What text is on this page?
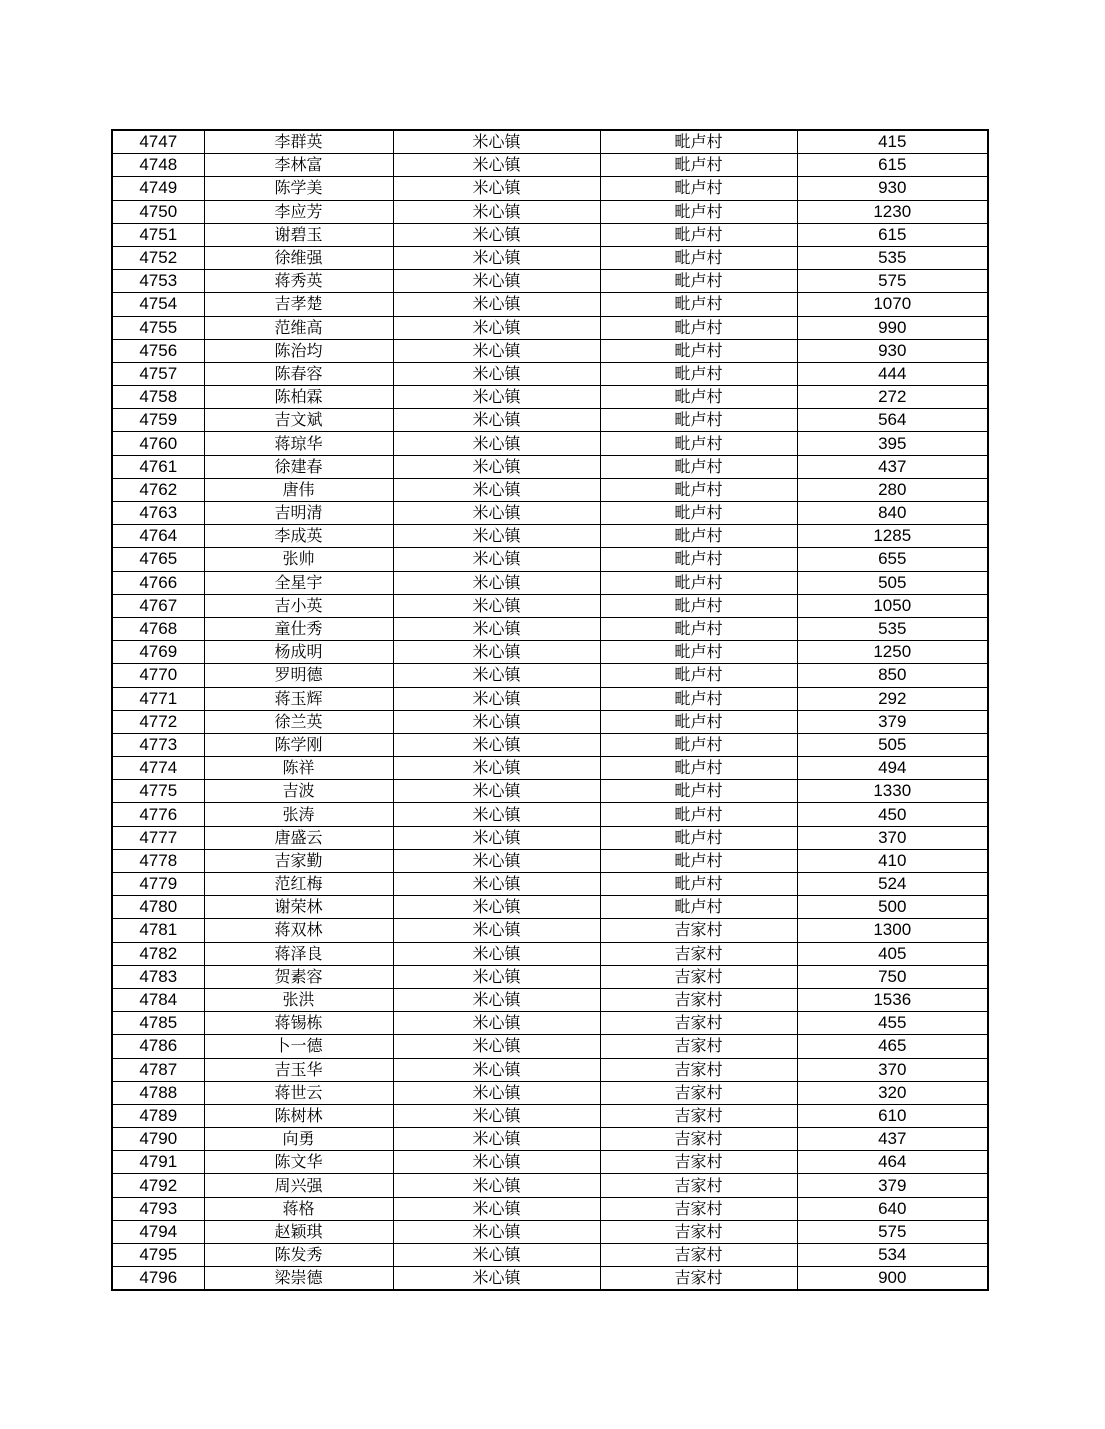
4747	李群英	米心镇	毗卢村	415
4748	李林富	米心镇	毗卢村	615
4749	陈学美	米心镇	毗卢村	930
4750	李应芳	米心镇	毗卢村	1230
4751	谢碧玉	米心镇	毗卢村	615
4752	徐维强	米心镇	毗卢村	535
4753	蒋秀英	米心镇	毗卢村	575
4754	吉孝楚	米心镇	毗卢村	1070
4755	范维高	米心镇	毗卢村	990
4756	陈治均	米心镇	毗卢村	930
4757	陈春容	米心镇	毗卢村	444
4758	陈柏霖	米心镇	毗卢村	272
4759	吉文斌	米心镇	毗卢村	564
4760	蒋琼华	米心镇	毗卢村	395
4761	徐建春	米心镇	毗卢村	437
4762	唐伟	米心镇	毗卢村	280
4763	吉明清	米心镇	毗卢村	840
4764	李成英	米心镇	毗卢村	1285
4765	张帅	米心镇	毗卢村	655
4766	全星宇	米心镇	毗卢村	505
4767	吉小英	米心镇	毗卢村	1050
4768	童仕秀	米心镇	毗卢村	535
4769	杨成明	米心镇	毗卢村	1250
4770	罗明德	米心镇	毗卢村	850
4771	蒋玉辉	米心镇	毗卢村	292
4772	徐兰英	米心镇	毗卢村	379
4773	陈学刚	米心镇	毗卢村	505
4774	陈祥	米心镇	毗卢村	494
4775	吉波	米心镇	毗卢村	1330
4776	张涛	米心镇	毗卢村	450
4777	唐盛云	米心镇	毗卢村	370
4778	吉家勤	米心镇	毗卢村	410
4779	范红梅	米心镇	毗卢村	524
4780	谢荣林	米心镇	毗卢村	500
4781	蒋双林	米心镇	吉家村	1300
4782	蒋泽良	米心镇	吉家村	405
4783	贺素容	米心镇	吉家村	750
4784	张洪	米心镇	吉家村	1536
4785	蒋锡栋	米心镇	吉家村	455
4786	卜一德	米心镇	吉家村	465
4787	吉玉华	米心镇	吉家村	370
4788	蒋世云	米心镇	吉家村	320
4789	陈树林	米心镇	吉家村	610
4790	向勇	米心镇	吉家村	437
4791	陈文华	米心镇	吉家村	464
4792	周兴强	米心镇	吉家村	379
4793	蒋格	米心镇	吉家村	640
4794	赵颖琪	米心镇	吉家村	575
4795	陈发秀	米心镇	吉家村	534
4796	梁崇德	米心镇	吉家村	900
